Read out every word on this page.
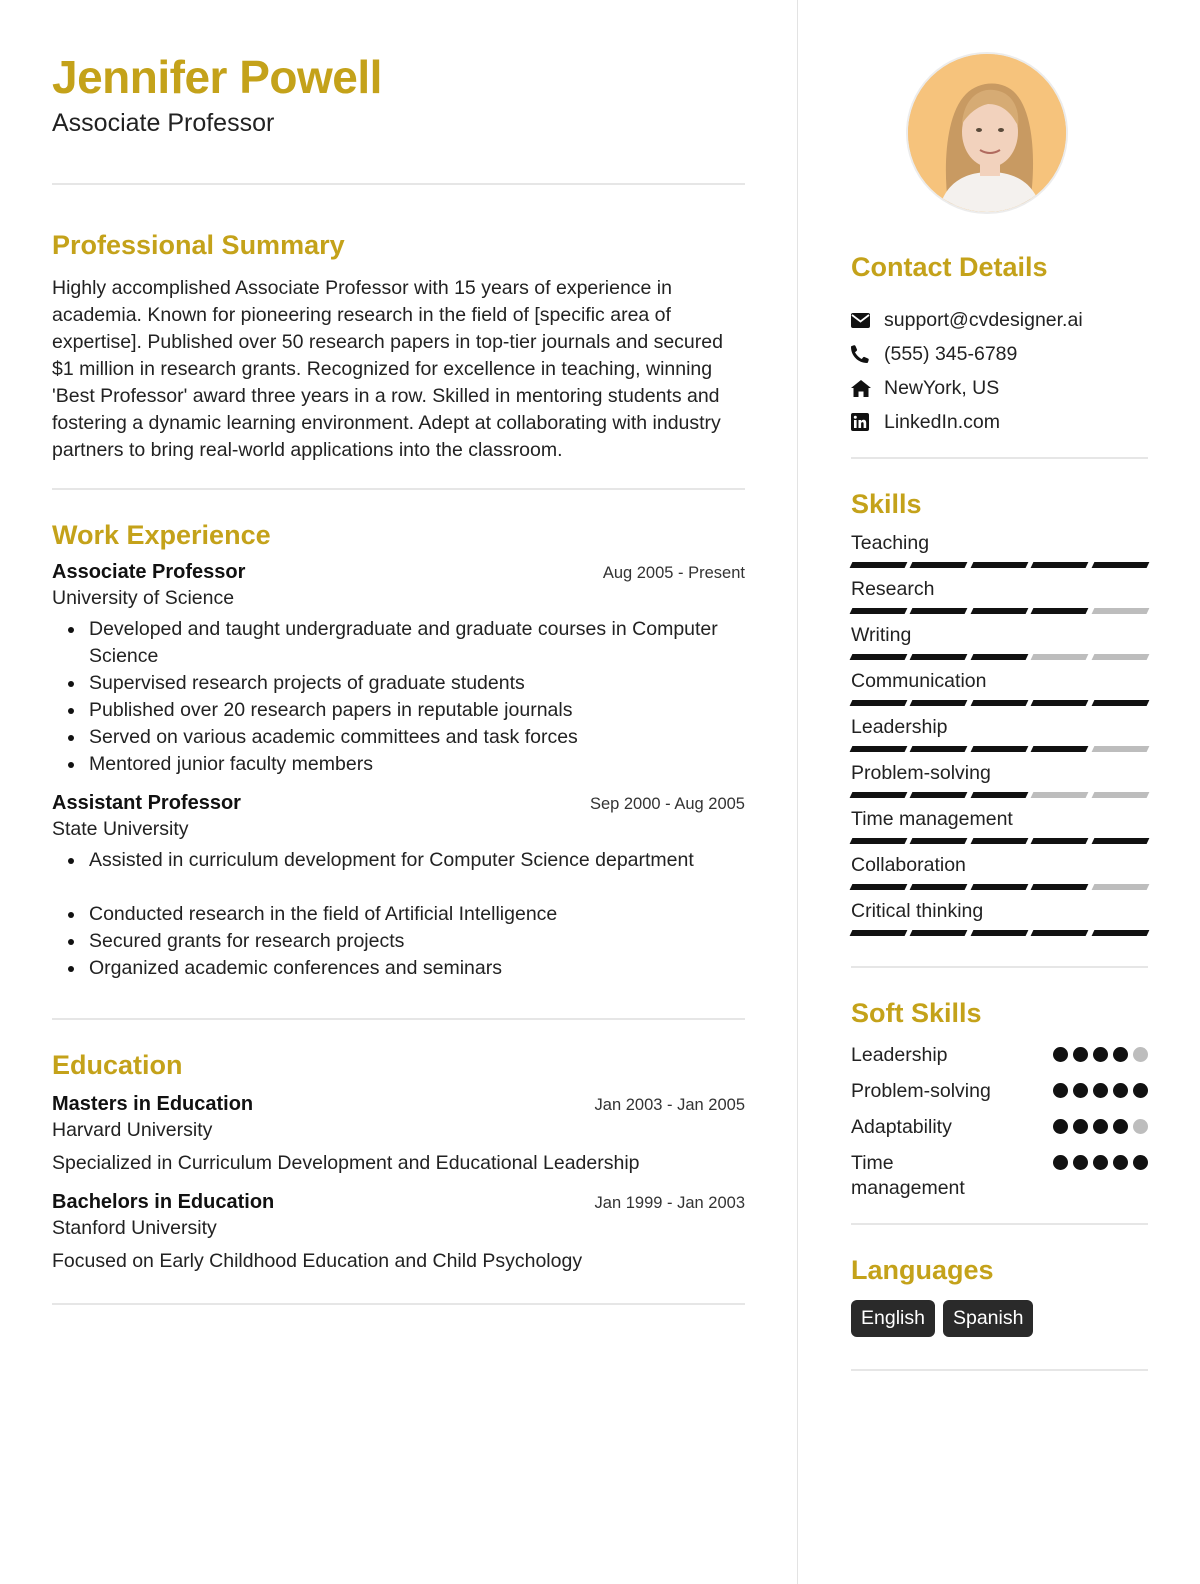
Jennifer Powell
Associate Professor
Professional Summary

Highly accomplished Associate Professor with 15 years of experience in academia. Known for pioneering research in the field of [specific area of expertise]. Published over 50 research papers in top-tier journals and secured $1 million in research grants. Recognized for excellence in teaching, winning 'Best Professor' award three years in a row. Skilled in mentoring students and fostering a dynamic learning environment. Adept at collaborating with industry partners to bring real-world applications into the classroom.

Work Experience
Associate Professor	Aug 2005 - Present
University of Science
Developed and taught undergraduate and graduate courses in Computer Science
Supervised research projects of graduate students
Published over 20 research papers in reputable journals
Served on various academic committees and task forces
Mentored junior faculty members
Assistant Professor	Sep 2000 - Aug 2005
State University
Assisted in curriculum development for Computer Science department
Conducted research in the field of Artificial Intelligence
Secured grants for research projects
Organized academic conferences and seminars
Education
Masters in Education	Jan 2003 - Jan 2005
Harvard University
Specialized in Curriculum Development and Educational Leadership
Bachelors in Education	Jan 1999 - Jan 2003
Stanford University
Focused on Early Childhood Education and Child Psychology
Contact Details
support@cvdesigner.ai
(555) 345-6789
NewYork, US
LinkedIn.com
Skills
Teaching
Research
Writing
Communication
Leadership
Problem-solving
Time management
Collaboration
Critical thinking
Soft Skills
Leadership
Problem-solving
Adaptability
Time management
Languages
English	Spanish
